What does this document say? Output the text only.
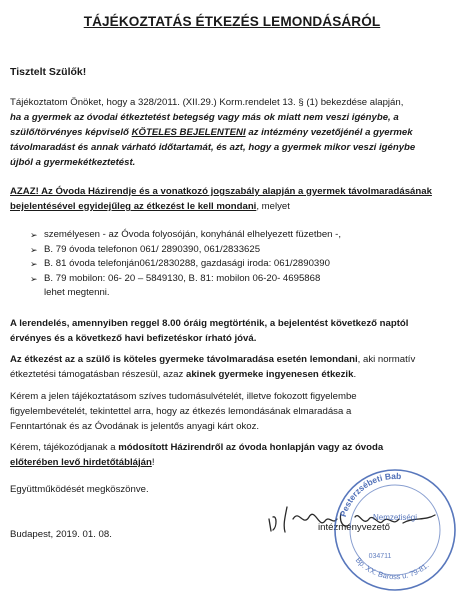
TÁJÉKOZTATÁS ÉTKEZÉS LEMONDÁSÁRÓL
Tisztelt Szülők!
Tájékoztatom Önöket, hogy a 328/2011. (XII.29.) Korm.rendelet 13. § (1) bekezdése alapján,
ha a gyermek az óvodai étkeztetést betegség vagy más ok miatt nem veszi igénybe, a
szülő/törvényes képviselő KÖTELES BEJELENTENI az intézmény vezetőjénél a gyermek
távolmaradást és annak várható időtartamát, és azt, hogy a gyermek mikor veszi igénybe
újból a gyermekétkeztetést.
AZAZ! Az Óvoda Házirendje és a vonatkozó jogszabály alapján a gyermek távolmaradásának
bejelentésével egyidejűleg az étkezést le kell mondani, melyet
➢ személyesen - az Óvoda folyosóján, konyhánál elhelyezett füzetben -,
➢ B. 79 óvoda telefonon 061/ 2890390, 061/2833625
➢ B. 81 óvoda telefonján061/2830288, gazdasági iroda: 061/2890390
➢ B. 79 mobilon: 06- 20 – 5849130, B. 81: mobilon 06-20- 4695868
lehet megtenni.
A lerendelés, amennyiben reggel 8.00 óráig megtörténik, a bejelentést következő naptól
érvényes és a következő havi befizetéskor írható jóvá.
Az étkezést az a szülő is köteles gyermeke távolmaradása esetén lemondani, aki normatív
étkeztetési támogatásban részesül, azaz akinek gyermeke ingyenesen étkezik.
Kérem a jelen tájékoztatásom szíves tudomásulvételét, illetve fokozott figyelembe
figyelembevételét, tekintettel arra, hogy az étkezés lemondásának elmaradása a
Fenntartónak és az Óvodának is jelentős anyagi kárt okoz.
Kérem, tájékozódjanak a módosított Házirendről az óvoda honlapján vagy az óvoda
előterében levő hirdetőtábláján!
Együttműködését megköszönve.
Budapest, 2019. 01. 08.
intézményvezető
Pesterzsébeti Bab
Nemzetiségi
034711
Bp. XX. Baross u. 79-81.
